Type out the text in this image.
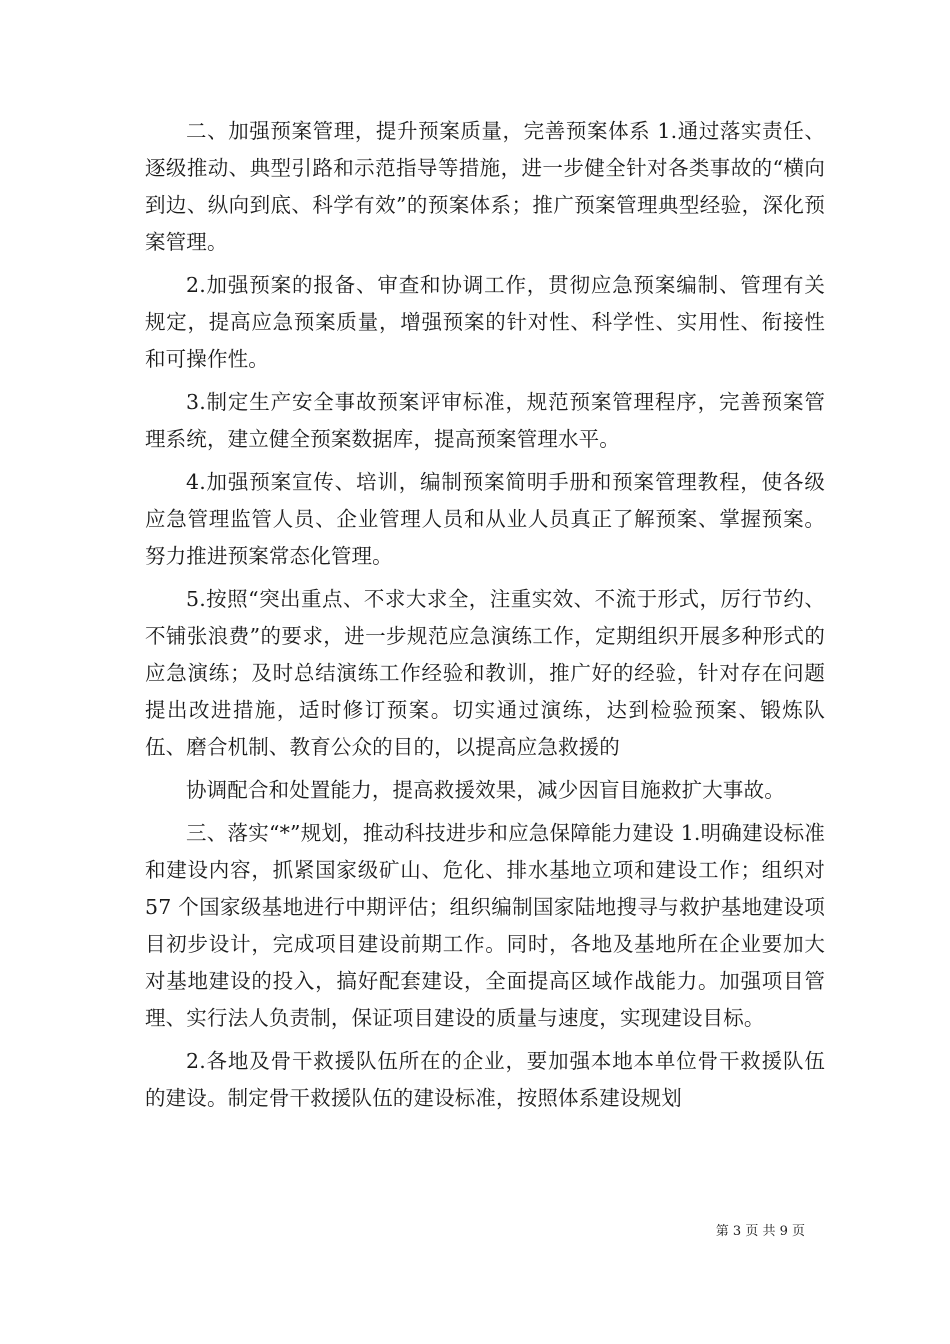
二、加强预案管理，提升预案质量，完善预案体系 1.通过落实责任、逐级推动、典型引路和示范指导等措施，进一步健全针对各类事故的“横向到边、纵向到底、科学有效”的预案体系；推广预案管理典型经验，深化预案管理。

2.加强预案的报备、审查和协调工作，贯彻应急预案编制、管理有关规定，提高应急预案质量，增强预案的针对性、科学性、实用性、衔接性和可操作性。

3.制定生产安全事故预案评审标准，规范预案管理程序，完善预案管理系统，建立健全预案数据库，提高预案管理水平。

4.加强预案宣传、培训，编制预案简明手册和预案管理教程，使各级应急管理监管人员、企业管理人员和从业人员真正了解预案、掌握预案。努力推进预案常态化管理。

5.按照“突出重点、不求大求全，注重实效、不流于形式，厉行节约、不铺张浪费”的要求，进一步规范应急演练工作，定期组织开展多种形式的应急演练；及时总结演练工作经验和教训，推广好的经验，针对存在问题提出改进措施，适时修订预案。切实通过演练，达到检验预案、锻炼队伍、磨合机制、教育公众的目的，以提高应急救援的

协调配合和处置能力，提高救援效果，减少因盲目施救扩大事故。

三、落实“*”规划，推动科技进步和应急保障能力建设 1.明确建设标准和建设内容，抓紧国家级矿山、危化、排水基地立项和建设工作；组织对 57 个国家级基地进行中期评估；组织编制国家陆地搜寻与救护基地建设项目初步设计，完成项目建设前期工作。同时，各地及基地所在企业要加大对基地建设的投入，搞好配套建设，全面提高区域作战能力。加强项目管理、实行法人负责制，保证项目建设的质量与速度，实现建设目标。

2.各地及骨干救援队伍所在的企业，要加强本地本单位骨干救援队伍的建设。制定骨干救援队伍的建设标准，按照体系建设规划

第 3 页 共 9 页
